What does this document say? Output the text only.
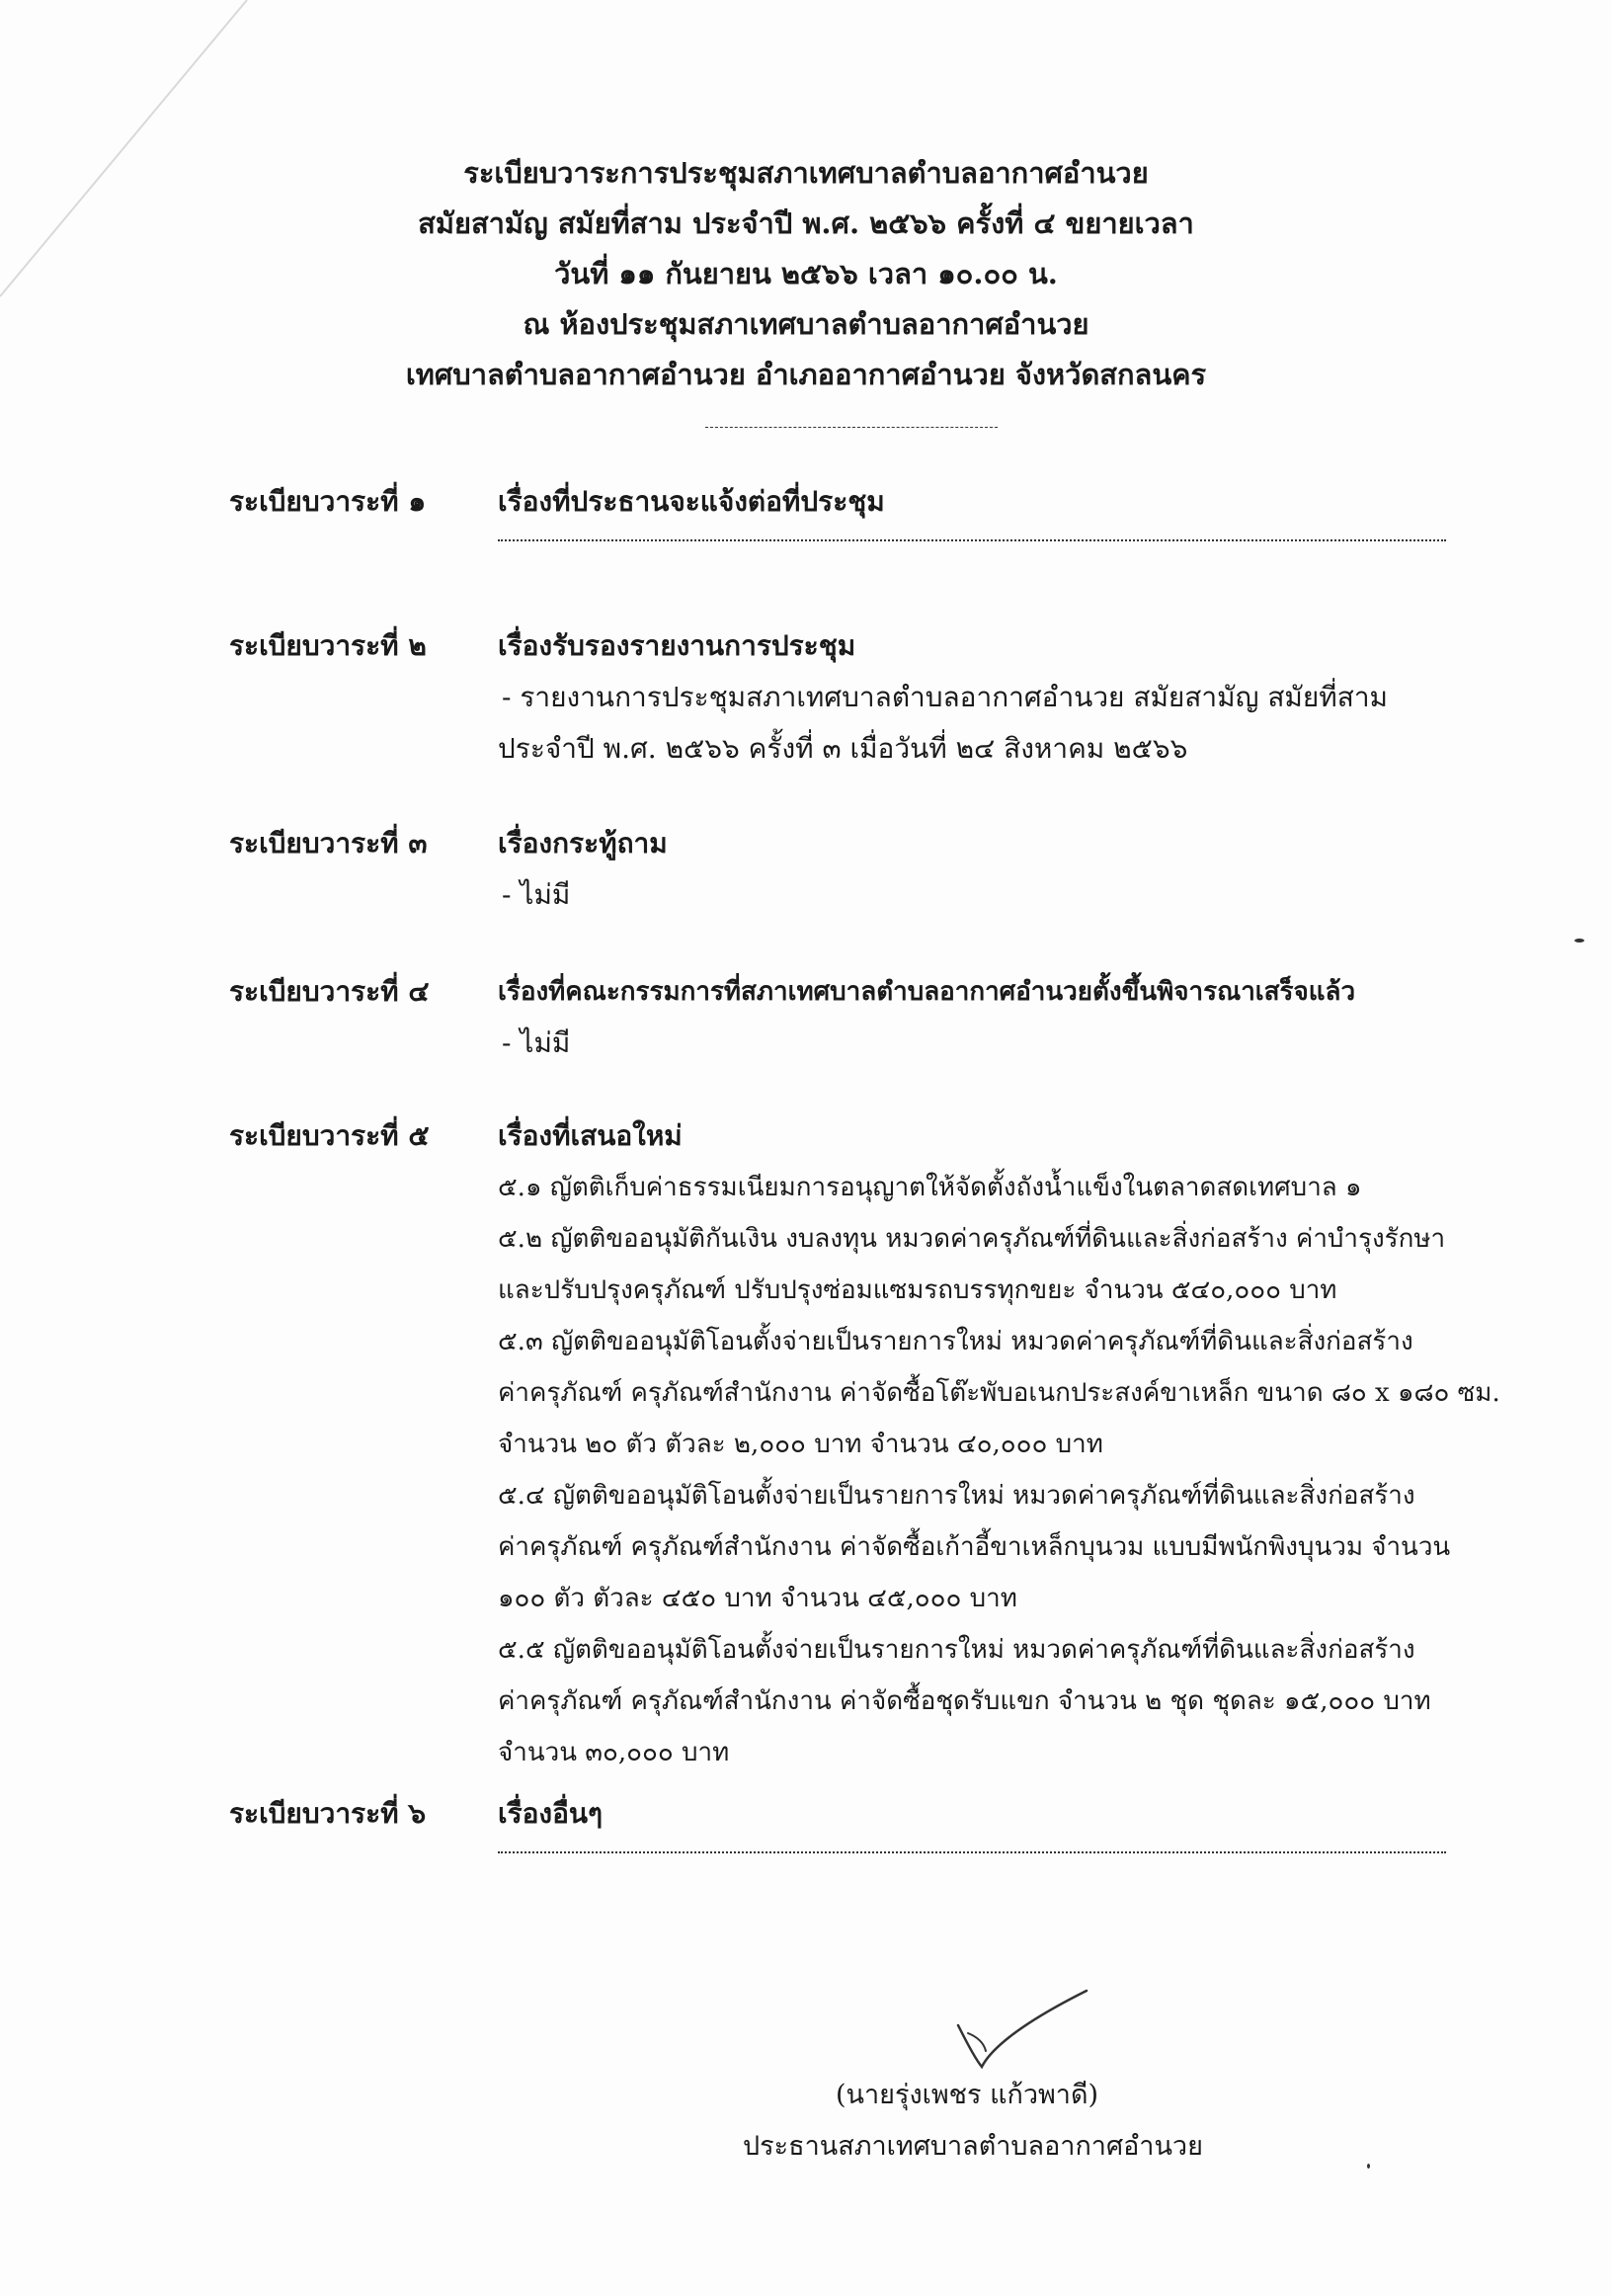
ระเบียบวาระการประชุมสภาเทศบาลตำบลอากาศอำนวย
สมัยสามัญ สมัยที่สาม ประจำปี พ.ศ. ๒๕๖๖ ครั้งที่ ๔ ขยายเวลา
วันที่ ๑๑ กันยายน ๒๕๖๖ เวลา ๑๐.๐๐ น.
ณ ห้องประชุมสภาเทศบาลตำบลอากาศอำนวย
เทศบาลตำบลอากาศอำนวย อำเภออากาศอำนวย จังหวัดสกลนคร
ระเบียบวาระที่ ๑	เรื่องที่ประธานจะแจ้งต่อที่ประชุม
ระเบียบวาระที่ ๒	เรื่องรับรองรายงานการประชุม
- รายงานการประชุมสภาเทศบาลตำบลอากาศอำนวย สมัยสามัญ สมัยที่สาม
ประจำปี พ.ศ. ๒๕๖๖ ครั้งที่ ๓ เมื่อวันที่ ๒๔ สิงหาคม ๒๕๖๖
ระเบียบวาระที่ ๓	เรื่องกระทู้ถาม
- ไม่มี
ระเบียบวาระที่ ๔	เรื่องที่คณะกรรมการที่สภาเทศบาลตำบลอากาศอำนวยตั้งขึ้นพิจารณาเสร็จแล้ว
- ไม่มี
ระเบียบวาระที่ ๕ เรื่องที่เสนอใหม่
๕.๑ ญัตติเก็บค่าธรรมเนียมการอนุญาตให้จัดตั้งถังน้ำแข็งในตลาดสดเทศบาล ๑
๕.๒ ญัตติขออนุมัติกันเงิน งบลงทุน หมวดค่าครุภัณฑ์ที่ดินและสิ่งก่อสร้าง ค่าบำรุงรักษา
และปรับปรุงครุภัณฑ์ ปรับปรุงซ่อมแซมรถบรรทุกขยะ จำนวน ๕๔๐,๐๐๐ บาท
๕.๓ ญัตติขออนุมัติโอนตั้งจ่ายเป็นรายการใหม่ หมวดค่าครุภัณฑ์ที่ดินและสิ่งก่อสร้าง
ค่าครุภัณฑ์ ครุภัณฑ์สำนักงาน ค่าจัดซื้อโต๊ะพับอเนกประสงค์ขาเหล็ก ขนาด ๘๐ x ๑๘๐ ซม.
จำนวน ๒๐ ตัว ตัวละ ๒,๐๐๐ บาท จำนวน ๔๐,๐๐๐ บาท
๕.๔ ญัตติขออนุมัติโอนตั้งจ่ายเป็นรายการใหม่ หมวดค่าครุภัณฑ์ที่ดินและสิ่งก่อสร้าง
ค่าครุภัณฑ์ ครุภัณฑ์สำนักงาน ค่าจัดซื้อเก้าอี้ขาเหล็กบุนวม แบบมีพนักพิงบุนวม จำนวน
๑๐๐ ตัว ตัวละ ๔๕๐ บาท จำนวน ๔๕,๐๐๐ บาท
๕.๕ ญัตติขออนุมัติโอนตั้งจ่ายเป็นรายการใหม่ หมวดค่าครุภัณฑ์ที่ดินและสิ่งก่อสร้าง
ค่าครุภัณฑ์ ครุภัณฑ์สำนักงาน ค่าจัดซื้อชุดรับแขก จำนวน ๒ ชุด ชุดละ ๑๕,๐๐๐ บาท
จำนวน ๓๐,๐๐๐ บาท
ระเบียบวาระที่ ๖	เรื่องอื่นๆ
(นายรุ่งเพชร แก้วพาดี)
ประธานสภาเทศบาลตำบลอากาศอำนวย
